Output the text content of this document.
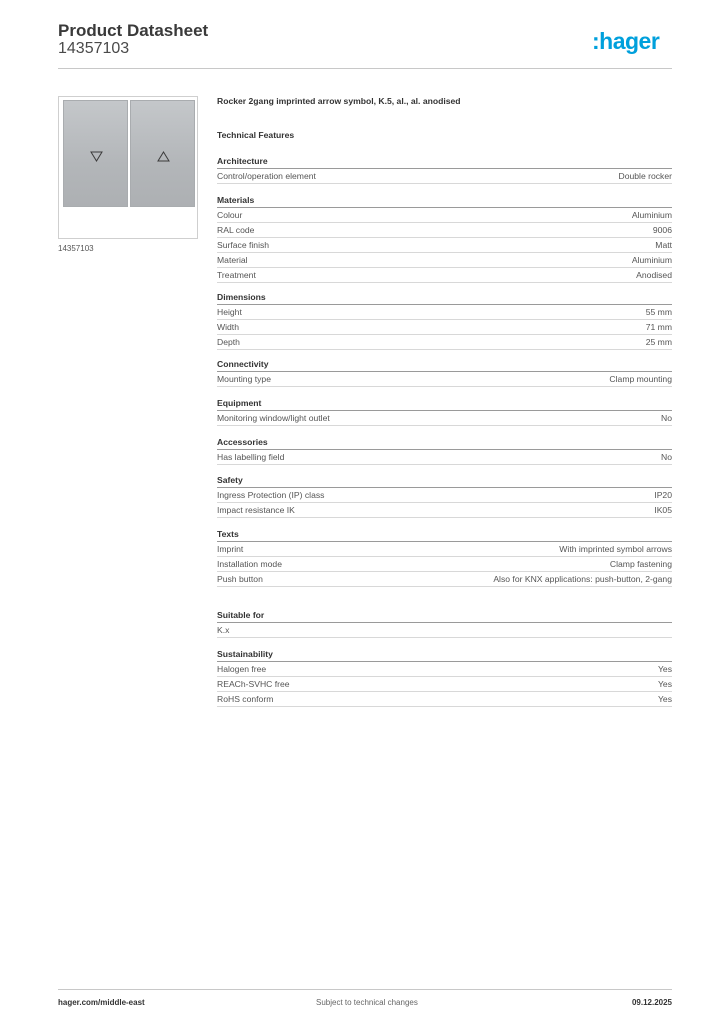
Product Datasheet
14357103	:hager
14357103
Rocker 2gang imprinted arrow symbol, K.5, al., al. anodised
Technical Features
Architecture
Control/operation element	Double rocker
Materials
Colour	Aluminium
RAL code	9006
Surface finish	Matt
Material	Aluminium
Treatment	Anodised
Dimensions
Height	55 mm
Width	71 mm
Depth	25 mm
Connectivity
Mounting type	Clamp mounting
Equipment
Monitoring window/light outlet	No
Accessories
Has labelling field	No
Safety
Ingress Protection (IP) class	IP20
Impact resistance IK	IK05
Texts
Imprint	With imprinted symbol arrows
Installation mode	Clamp fastening
Push button	Also for KNX applications: push-button, 2-gang
Suitable for
K.x
Sustainability
Halogen free	Yes
REACh-SVHC free	Yes
RoHS conform	Yes
hager.com/middle-east	Subject to technical changes	09.12.2025
